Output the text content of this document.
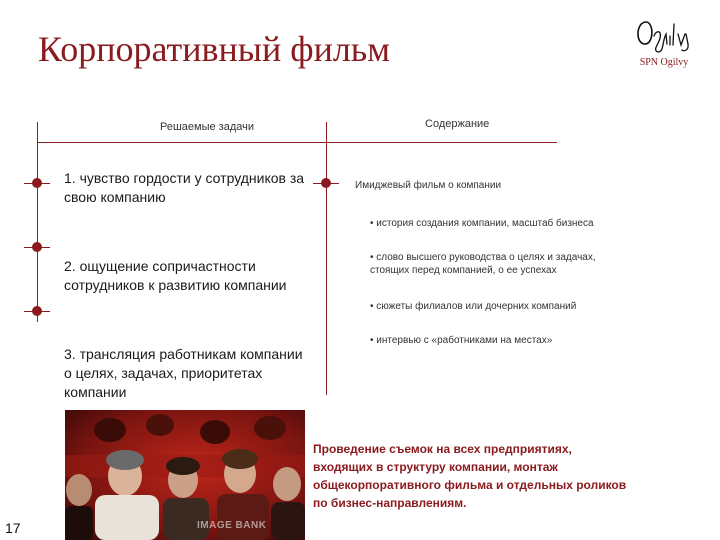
Корпоративный фильм	SPN Ogilvy
Решаемые задачи	Содержание
1. чувство гордости у сотрудников за свою компанию
2. ощущение сопричастности сотрудников к развитию компании
3. трансляция работникам компании о целях, задачах, приоритетах компании
Имиджевый фильм о компании
• история создания компании, масштаб бизнеса
• слово высшего руководства о целях и задачах, стоящих перед компанией, о ее успехах
• сюжеты филиалов или дочерних компаний
• интервью с «работниками на местах»
IMAGE BANK
Проведение съемок на всех предприятиях, входящих в структуру компании, монтаж общекорпоративного фильма и отдельных роликов по бизнес-направлениям.
17
